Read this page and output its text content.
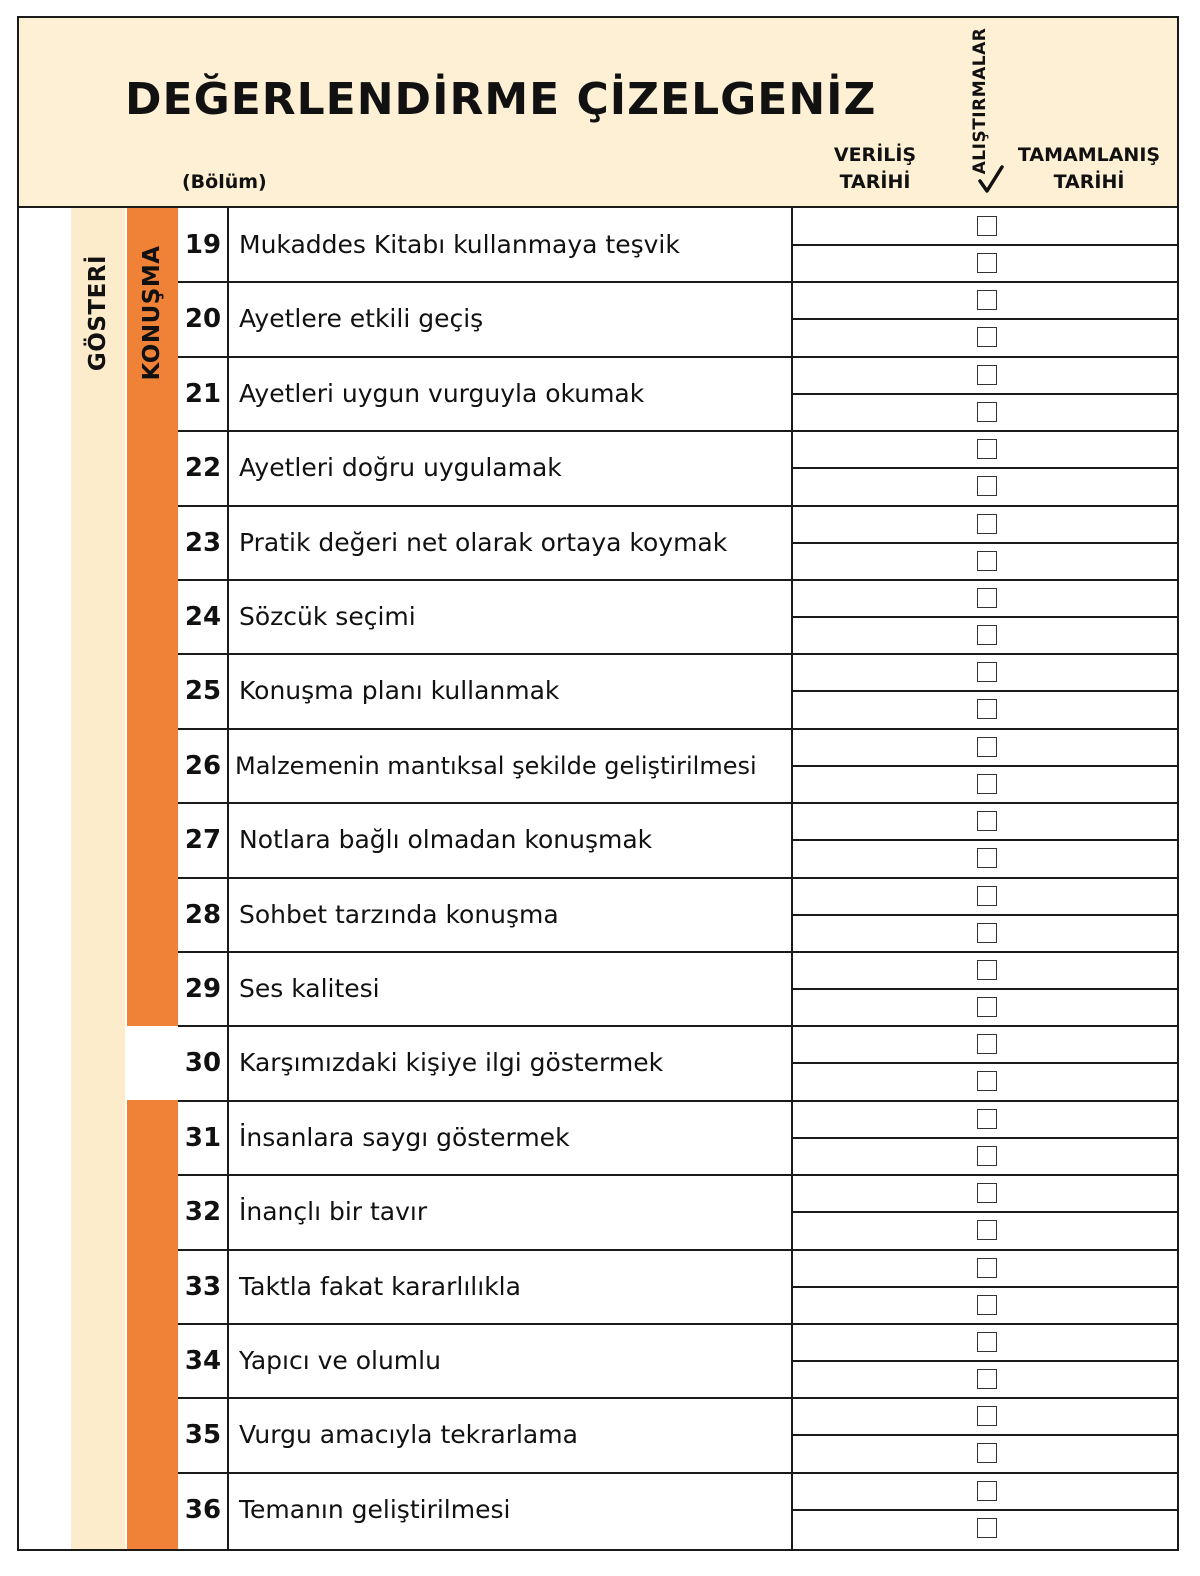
DEĞERLENDİRME ÇİZELGENİZ
(Bölüm)
VERİLİŞ
TARİHİ
ALIŞTIRMALAR	TAMAMLANIŞ
TARİHİ
GÖSTERİ KONUŞMA
19 Mukaddes Kitabı kullanmaya teşvik
20 Ayetlere etkili geçiş
21 Ayetleri uygun vurguyla okumak
22 Ayetleri doğru uygulamak
23 Pratik değeri net olarak ortaya koymak
24 Sözcük seçimi
25 Konuşma planı kullanmak
26 Malzemenin mantıksal şekilde geliştirilmesi
27 Notlara bağlı olmadan konuşmak
28 Sohbet tarzında konuşma
29 Ses kalitesi
30 Karşımızdaki kişiye ilgi göstermek
31 İnsanlara saygı göstermek
32 İnançlı bir tavır
33 Taktla fakat kararlılıkla
34 Yapıcı ve olumlu
35 Vurgu amacıyla tekrarlama
36 Temanın geliştirilmesi
